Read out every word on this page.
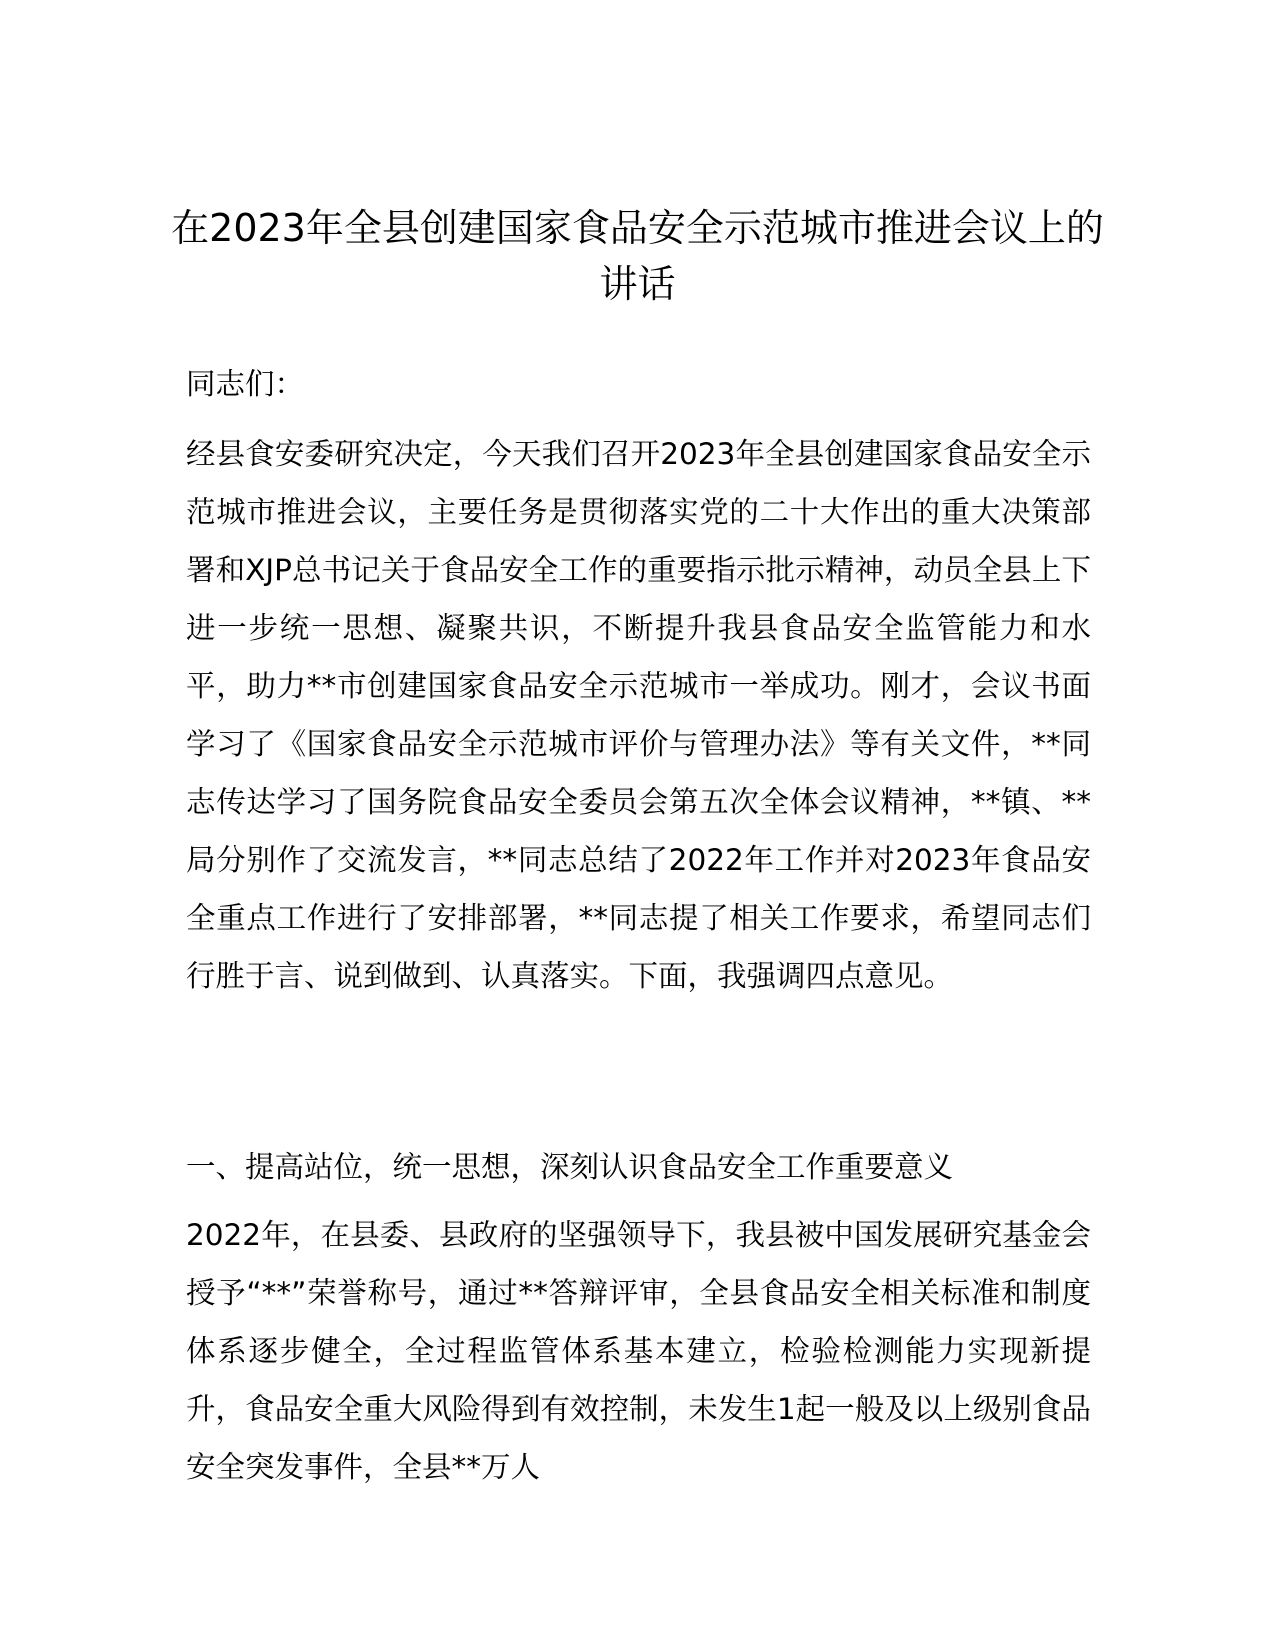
在2023年全县创建国家食品安全示范城市推进会议上的讲话

同志们：

经县食安委研究决定，今天我们召开2023年全县创建国家食品安全示范城市推进会议，主要任务是贯彻落实党的二十大作出的重大决策部署和XJP总书记关于食品安全工作的重要指示批示精神，动员全县上下进一步统一思想、凝聚共识，不断提升我县食品安全监管能力和水平，助力**市创建国家食品安全示范城市一举成功。刚才，会议书面学习了《国家食品安全示范城市评价与管理办法》等有关文件，**同志传达学习了国务院食品安全委员会第五次全体会议精神，**镇、**局分别作了交流发言，**同志总结了2022年工作并对2023年食品安全重点工作进行了安排部署，**同志提了相关工作要求，希望同志们行胜于言、说到做到、认真落实。下面，我强调四点意见。

一、提高站位，统一思想，深刻认识食品安全工作重要意义

2022年，在县委、县政府的坚强领导下，我县被中国发展研究基金会授予“**”荣誉称号，通过**答辩评审，全县食品安全相关标准和制度体系逐步健全，全过程监管体系基本建立，检验检测能力实现新提升，食品安全重大风险得到有效控制，未发生1起一般及以上级别食品安全突发事件，全县**万人
